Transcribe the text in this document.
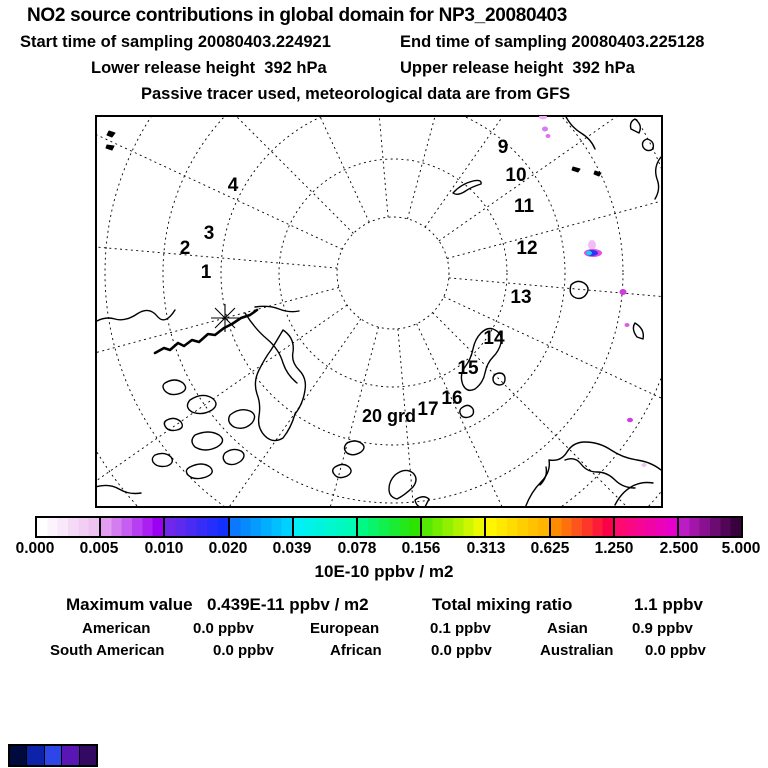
NO2 source contributions in global domain for NP3_20080403
Start time of sampling 20080403.224921	End time of sampling 20080403.225128
Lower release height  392 hPa	Upper release height  392 hPa
Passive tracer used, meteorological data are from GFS
1
2
3
4
9
10
11
12
13
14
15
16
17
20 grd
0.000	0.005	0.010	0.020	0.039	0.078	0.156	0.313	0.625	1.250	2.500	5.000
10E-10 ppbv / m2
Maximum value 0.439E-11 ppbv / m2	Total mixing ratio	1.1 ppbv
American	0.0 ppbv	European	0.1 ppbv	Asian	0.9 ppbv
South American	0.0 ppbv	African	0.0 ppbv	Australian 0.0 ppbv
